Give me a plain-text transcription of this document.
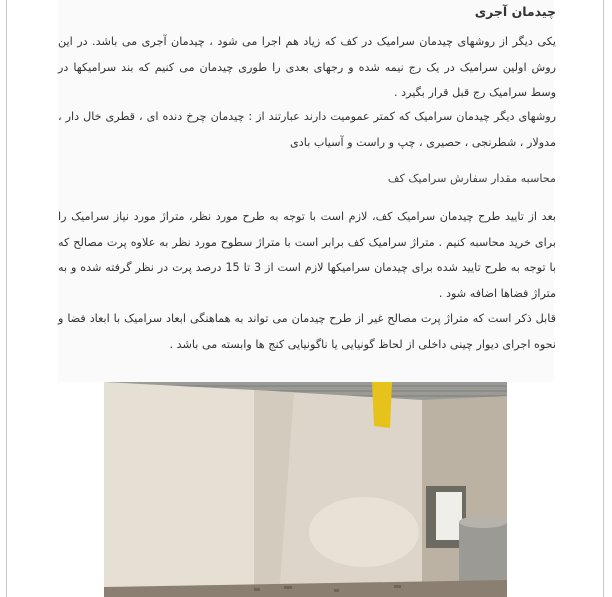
چیدمان آجری
یکی دیگر از روشهای چیدمان سرامیک در کف که زیاد هم اجرا می شود ، چیدمان آجری می باشد. در این روش اولین سرامیک در یک رج نیمه شده و رجهای بعدی را طوری چیدمان می کنیم که بند سرامیکها در وسط سرامیک رج قبل قرار بگیرد .
روشهای دیگر چیدمان سرامیک که کمتر عمومیت دارند عبارتند از : چیدمان چرخ دنده ای ، قطری خال دار ، مدولار ، شطرنجی ، حصیری ، چپ و راست و آسیاب بادی
محاسبه مقدار سفارش سرامیک کف
بعد از تایید طرح چیدمان سرامیک کف، لازم است با توجه به طرح مورد نظر، متراژ مورد نیاز سرامیک را برای خرید محاسبه کنیم . متراژ سرامیک کف برابر است با متراژ سطوح مورد نظر به علاوه پرت مصالح که با توجه به طرح تایید شده برای چیدمان سرامیکها لازم است از 3 تا 15 درصد پرت در نظر گرفته شده و به متراژ فضاها اضافه شود .
قابل ذکر است که متراژ پرت مصالح غیر از طرح چیدمان می تواند به هماهنگی ابعاد سرامیک با ابعاد فضا و نحوه اجرای دیوار چینی داخلی از لحاظ گونیایی یا ناگونیایی کنج ها وابسته می باشد .
